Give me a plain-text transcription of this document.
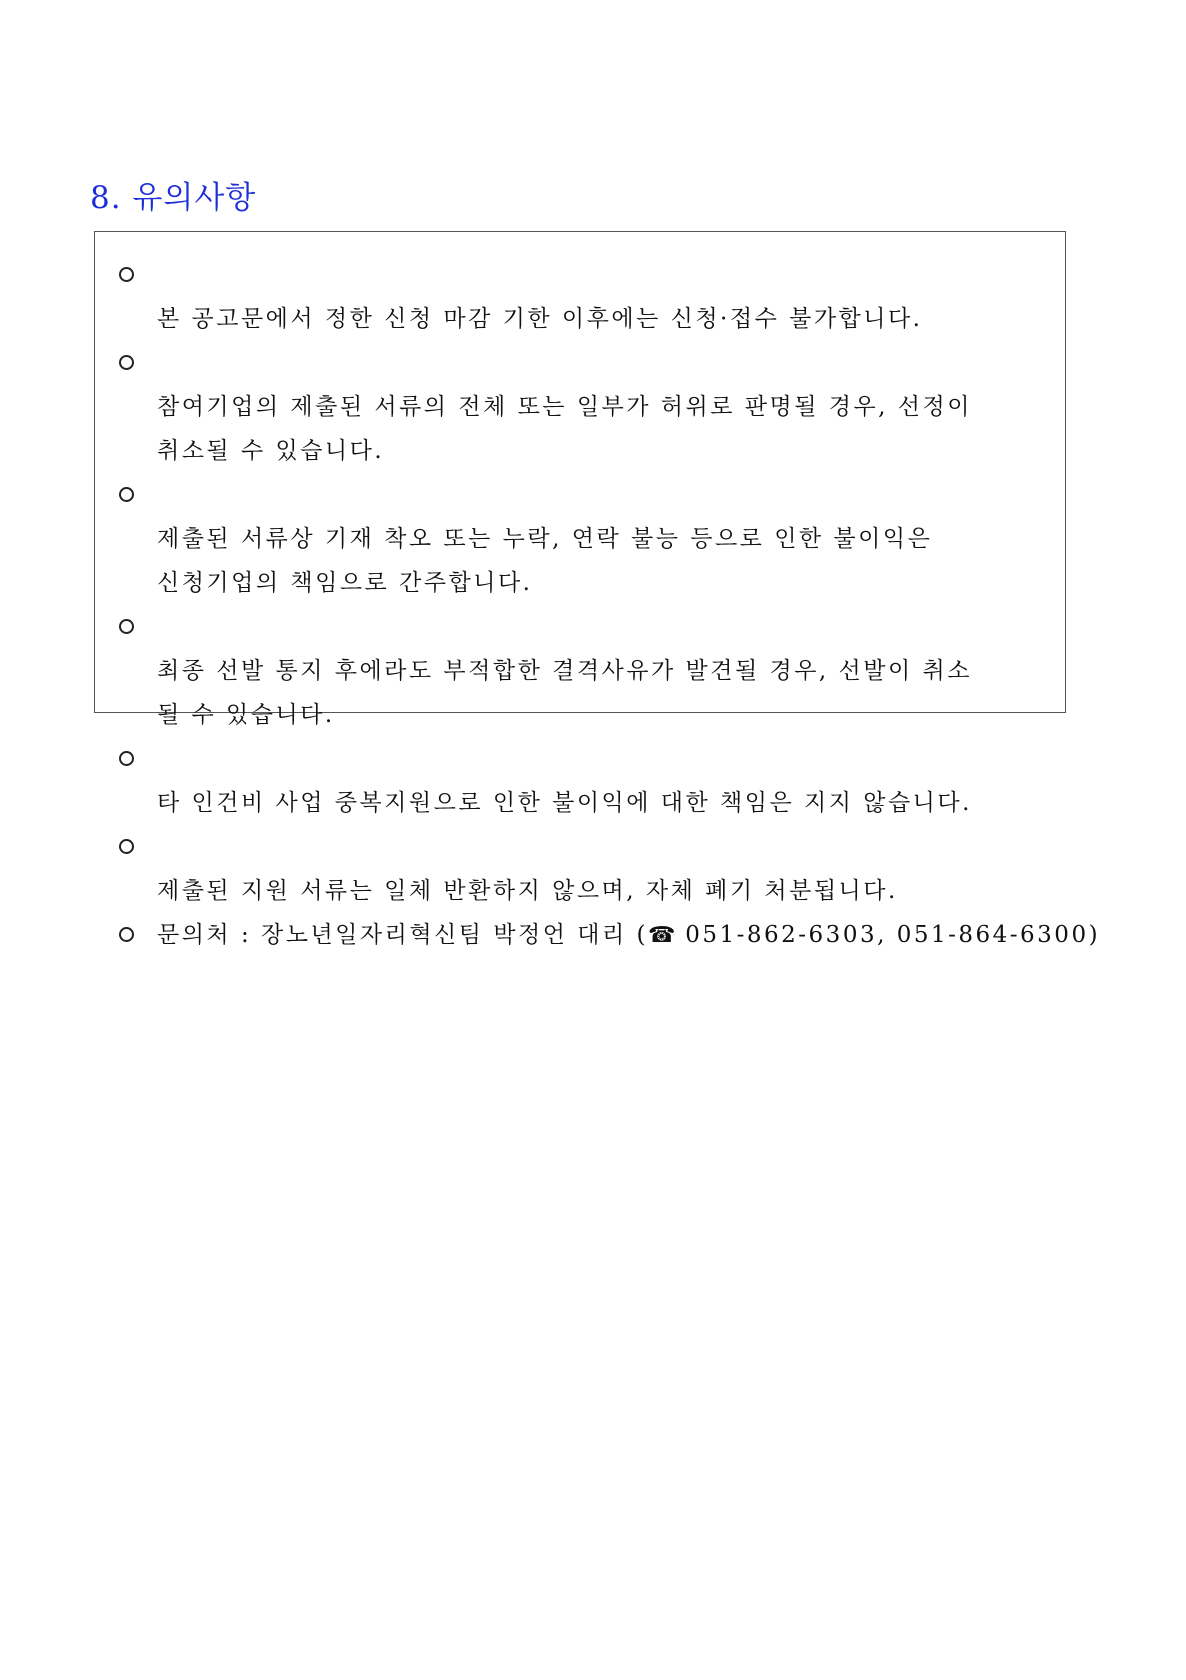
8. 유의사항

본 공고문에서 정한 신청 마감 기한 이후에는 신청·접수 불가합니다.

참여기업의 제출된 서류의 전체 또는 일부가 허위로 판명될 경우, 선정이
취소될 수 있습니다.

제출된 서류상 기재 착오 또는 누락, 연락 불능 등으로 인한 불이익은
신청기업의 책임으로 간주합니다.

최종 선발 통지 후에라도 부적합한 결격사유가 발견될 경우, 선발이 취소
될 수 있습니다.

타 인건비 사업 중복지원으로 인한 불이익에 대한 책임은 지지 않습니다.

제출된 지원 서류는 일체 반환하지 않으며, 자체 폐기 처분됩니다.

문의처 : 장노년일자리혁신팀 박정언 대리 (☎ 051-862-6303, 051-864-6300)
